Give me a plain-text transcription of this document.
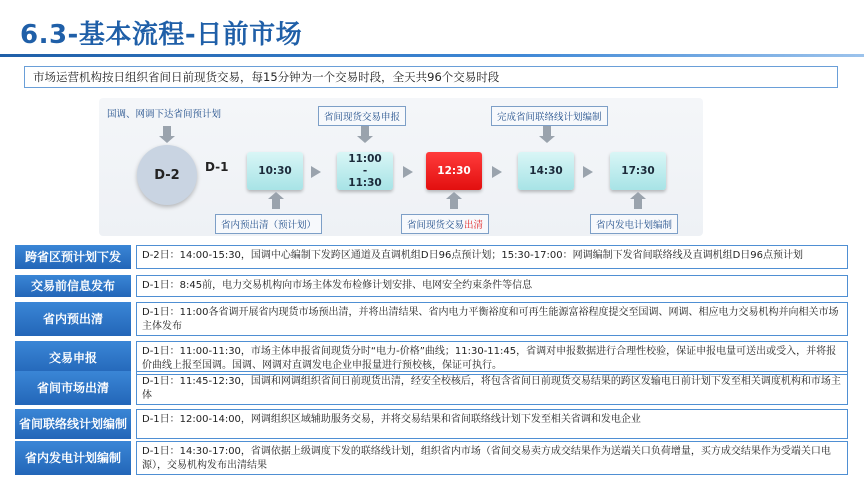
6.3-基本流程-日前市场
市场运营机构按日组织省间日前现货交易，每15分钟为一个交易时段，全天共96个交易时段
国调、网调下达省间预计划	省间现货交易申报	完成省间联络线计划编制
D-2
D-1	10:30
11:00
-
11:30
12:30	14:30	17:30
省内预出清（预计划）	省间现货交易出清	省内发电计划编制
跨省区预计划下发	D-2日：14:00-15:30，国调中心编制下发跨区通道及直调机组D日96点预计划；15:30-17:00：网调编制下发省间联络线及直调机组D日96点预计划
交易前信息发布	D-1日：8:45前，电力交易机构向市场主体发布检修计划安排、电网安全约束条件等信息
省内预出清	D-1日：11:00各省调开展省内现货市场预出清，并将出清结果、省内电力平衡裕度和可再生能源富裕程度提交至国调、网调、相应电力交易机构并向相关市场主体发布
交易申报	D-1日：11:00-11:30，市场主体申报省间现货分时“电力-价格”曲线；11:30-11:45，省调对申报数据进行合理性校验，保证申报电量可送出或受入，并将报价曲线上报至国调。国调、网调对直调发电企业申报量进行预校核，保证可执行。
省间市场出清	D-1日：11:45-12:30，国调和网调组织省间日前现货出清，经安全校核后，将包含省间日前现货交易结果的跨区发输电日前计划下发至相关调度机构和市场主体
省间联络线计划编制	D-1日：12:00-14:00，网调组织区域辅助服务交易，并将交易结果和省间联络线计划下发至相关省调和发电企业
省内发电计划编制	D-1日：14:30-17:00，省调依据上级调度下发的联络线计划，组织省内市场（省间交易卖方成交结果作为送端关口负荷增量，买方成交结果作为受端关口电源），交易机构发布出清结果
